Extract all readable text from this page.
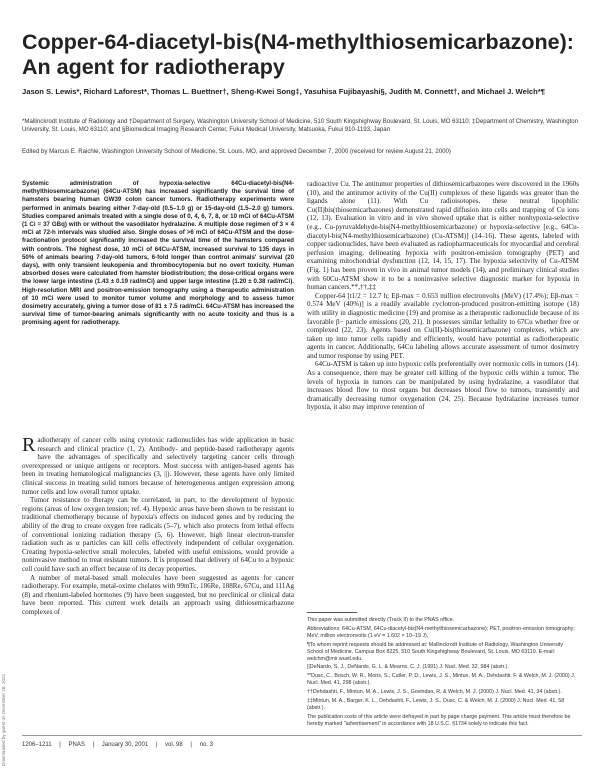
Copper-64-diacetyl-bis(N4-methylthiosemicarbazone): An agent for radiotherapy
Jason S. Lewis*, Richard Laforest*, Thomas L. Buettner†, Sheng-Kwei Song‡, Yasuhisa Fujibayashi§, Judith M. Connett†, and Michael J. Welch*¶
*Mallinckrodt Institute of Radiology and †Department of Surgery, Washington University School of Medicine, 510 South Kingshighway Boulevard, St. Louis, MO 63110; ‡Department of Chemistry, Washington University, St. Louis, MO 63110; and §Biomedical Imaging Research Center, Fukui Medical University, Matsuoka, Fukui 910-1193, Japan
Edited by Marcus E. Raichle, Washington University School of Medicine, St. Louis, MO, and approved December 7, 2000 (received for review August 21, 2000)

Systemic administration of hypoxia-selective 64Cu-diacetyl-bis(N4-methylthiosemicarbazone) (64Cu-ATSM) has increased significantly the survival time of hamsters bearing human GW39 colon cancer tumors. Radiotherapy experiments were performed in animals bearing either 7-day-old (0.5–1.0 g) or 15-day-old (1.5–2.0 g) tumors. Studies compared animals treated with a single dose of 0, 4, 6, 7, 8, or 10 mCi of 64Cu-ATSM (1 Ci = 37 GBq) with or without the vasodilator hydralazine. A multiple dose regimen of 3 × 4 mCi at 72-h intervals was studied also. Single doses of >6 mCi of 64Cu-ATSM and the dose-fractionation protocol significantly increased the survival time of the hamsters compared with controls. The highest dose, 10 mCi of 64Cu-ATSM, increased survival to 135 days in 50% of animals bearing 7-day-old tumors, 6-fold longer than control animals' survival (20 days), with only transient leukopenia and thrombocytopenia but no overt toxicity. Human absorbed doses were calculated from hamster biodistribution; the dose-critical organs were the lower large intestine (1.43 ± 0.19 rad/mCi) and upper large intestine (1.20 ± 0.38 rad/mCi). High-resolution MRI and positron-emission tomography using a therapeutic administration of 10 mCi were used to monitor tumor volume and morphology and to assess tumor dosimetry accurately, giving a tumor dose of 81 ± 7.5 rad/mCi. 64Cu-ATSM has increased the survival time of tumor-bearing animals significantly with no acute toxicity and thus is a promising agent for radiotherapy.

Radiotherapy of cancer cells using cytotoxic radionuclides has wide application in basic research and clinical practice (1, 2). Antibody- and peptide-based radiotherapy agents have the advantages of specifically and selectively targeting cancer cells through overexpressed or unique antigens or receptors. Most success with antigen-based agents has been in treating hematological malignancies (3, ||). However, these agents have only limited clinical success in treating solid tumors because of heterogeneous antigen expression among tumor cells and low overall tumor uptake.

Tumor resistance to therapy can be correlated, in part, to the development of hypoxic regions (areas of low oxygen tension; ref. 4). Hypoxic areas have been shown to be resistant to traditional chemotherapy because of hypoxia's effects on induced genes and by reducing the ability of the drug to create oxygen free radicals (5–7), which also protects from lethal effects of conventional ionizing radiation therapy (5, 6). However, high linear electron-transfer radiation such as α particles can kill cells effectively independent of cellular oxygenation. Creating hypoxia-selective small molecules, labeled with useful emissions, would provide a noninvasive method to treat resistant tumors. It is proposed that delivery of 64Cu to a hypoxic cell could have such an effect because of its decay properties.

A number of metal-based small molecules have been suggested as agents for cancer radiotherapy. For example, metal-oxime chelates with 99mTc, 186Re, 188Re, 67Cu, and 111Ag (8) and rhenium-labeled hormones (9) have been suggested, but no preclinical or clinical data have been reported. This current work details an approach using dithiosemicarbazone complexes of

radioactive Cu. The antitumor properties of dithiosemicarbazones were discovered in the 1960s (10), and the antitumor activity of the Cu(II) complexes of these ligands was greater than the ligands alone (11). With Cu radioisotopes, these neutral lipophilic Cu(II)bis(thiosemicarbazones) demonstrated rapid diffusion into cells and trapping of Cu ions (12, 13). Evaluation in vitro and in vivo showed uptake that is either nonhypoxia-selective (e.g., Cu-pyruvaldehyde-bis(N4-methylthiosemicarbazone) or hypoxia-selective [e.g., 64Cu-diacetyl-bis(N4-methylthiosemicarbazone) (Cu-ATSM)] (14–16). These agents, labeled with copper radionuclides, have been evaluated as radiopharmaceuticals for myocardial and cerebral perfusion imaging, delineating hypoxia with positron-emission tomography (PET) and examining mitochondrial dysfunction (12, 14, 15, 17). The hypoxia selectivity of Cu-ATSM (Fig. 1) has been proven in vivo in animal tumor models (14), and preliminary clinical studies with 60Cu-ATSM show it to be a noninvasive selective diagnostic marker for hypoxia in human cancers.**,††,‡‡

Copper-64 [t1/2 = 12.7 h; Eβ-max = 0.653 million electronvolts (MeV) (17.4%); Eβ-max = 0.574 MeV (40%)] is a readily available cyclotron-produced positron-emitting isotope (18) with utility in diagnostic medicine (19) and promise as a therapeutic radionuclide because of its favorable β− particle emissions (20, 21). It possesses similar lethality to 67Cu whether free or complexed (22, 23). Agents based on Cu(II)-bis(thiosemicarbazone) complexes, which are taken up into tumor cells rapidly and efficiently, would have potential as radiotherapeutic agents in cancer. Additionally, 64Cu labeling allows accurate assessment of tumor dosimetry and tumor response by using PET.

64Cu-ATSM is taken up into hypoxic cells preferentially over normoxic cells in tumors (14). As a consequence, there may be greater cell killing of the hypoxic cells within a tumor. The levels of hypoxia in tumors can be manipulated by using hydralazine, a vasodilator that increases blood flow to most organs but decreases blood flow to tumors, transiently and dramatically decreasing tumor oxygenation (24, 25). Because hydralazine increases tumor hypoxia, it also may improve retention of

This paper was submitted directly (Track II) to the PNAS office.

Abbreviations: 64Cu-ATSM, 64Cu-diacetyl-bis(N4-methylthiosemicarbazone); PET, positron-emission tomography; MeV, million electronvolts (1 eV = 1.602 × 10−19 J).

¶To whom reprint requests should be addressed at: Mallinckrodt Institute of Radiology, Washington University School of Medicine, Campus Box 8225, 510 South Kingshighway Boulevard, St. Louis, MO 63110. E-mail: welchm@mir.wustl.edu.

||DeNardo, S. J., DeNardo, G. L. & Mearns, C. J. (1991) J. Nucl. Med. 32, 984 (abstr.).

**Dusc, C., Bosch, W. R., Moris, S., Cutler, P. D., Lewis, J. S., Mintun, M. A., Dehdashti, F. & Welch, M. J. (2000) J. Nucl. Med. 41, 298 (abstr.).

††Dehdashti, F., Mintun, M. A., Lewis, J. S., Govindan, R. & Welch, M. J. (2000) J. Nucl. Med. 41, 34 (abstr.).

‡‡Mintun, M. A., Barger, K. L., Dehdashti, F., Lewis, J. S., Dusc, C. & Welch, M. J. (2000) J. Nucl. Med. 41, 58 (abstr.).

The publication costs of this article were defrayed in part by page charge payment. This article must therefore be hereby marked "advertisement" in accordance with 18 U.S.C. §1734 solely to indicate this fact.

1206–1211 | PNAS | January 30, 2001 | vol. 98 | no. 3
Downloaded by guest on December 28, 2021
